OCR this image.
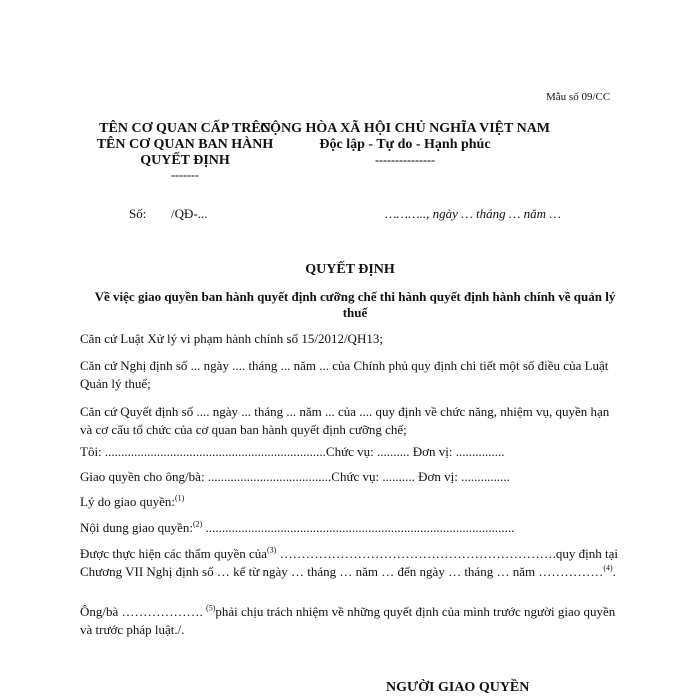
Mẫu số 09/CC
TÊN CƠ QUAN CẤP TRÊN
TÊN CƠ QUAN BAN HÀNH
QUYẾT ĐỊNH
-------
CỘNG HÒA XÃ HỘI CHỦ NGHĨA VIỆT NAM
Độc lập - Tự do - Hạnh phúc
---------------
Số: /QĐ-...	……….., ngày … tháng … năm …
QUYẾT ĐỊNH
Về việc giao quyền ban hành quyết định cưỡng chế thi hành quyết định hành chính về quản lý thuế
Căn cứ Luật Xử lý vi phạm hành chính số 15/2012/QH13;
Căn cứ Nghị định số ... ngày .... tháng ... năm ... của Chính phủ quy định chi tiết một số điều của Luật Quản lý thuế;
Căn cứ Quyết định số .... ngày ... tháng ... năm ... của .... quy định về chức năng, nhiệm vụ, quyền hạn và cơ cấu tổ chức của cơ quan ban hành quyết định cưỡng chế;
Tôi: ....................................................................Chức vụ: .......... Đơn vị: ...............
Giao quyền cho ông/bà: ......................................Chức vụ: .......... Đơn vị: ...............
Lý do giao quyền:$^{(1)}$
Nội dung giao quyền:$^{(2)}$ ...............................................................................................
Được thực hiện các thẩm quyền của$^{(3)}$ ……………………………………………………….quy định tại Chương VII Nghị định số … kể từ ngày … tháng … năm … đến ngày … tháng … năm ……………$^{(4)}$.
Ông/bà ………………. $^{(5)}$phải chịu trách nhiệm về những quyết định của mình trước người giao quyền và trước pháp luật./.
NGƯỜI GIAO QUYỀN
